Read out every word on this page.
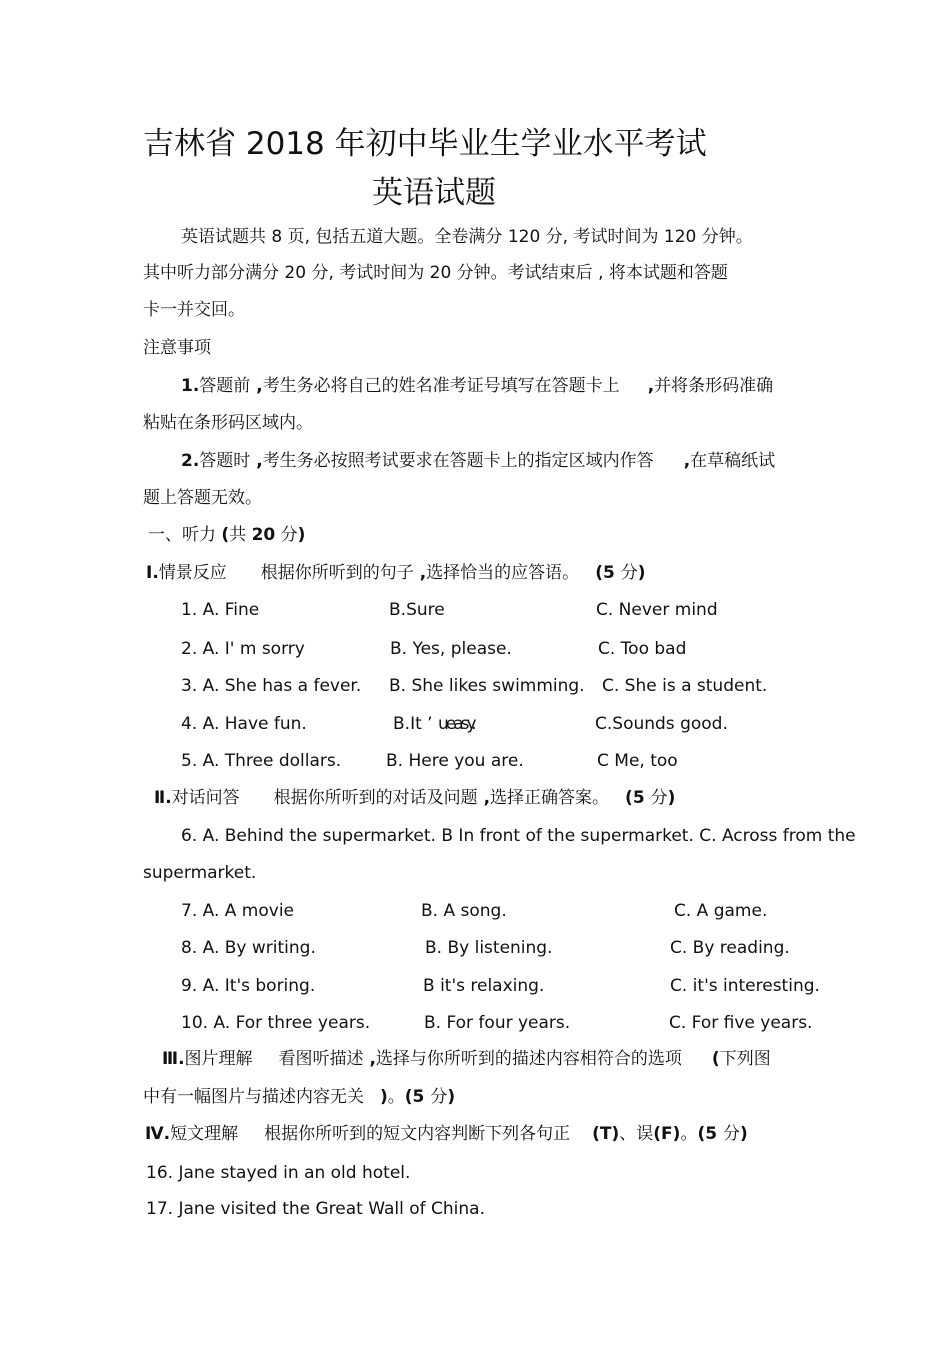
吉林省 2018 年初中毕业生学业水平考试
英语试题
英语试题共 8 页, 包括五道大题。全卷满分 120 分, 考试时间为 120 分钟。
其中听力部分满分 20 分, 考试时间为 20 分钟。考试结束后 , 将本试题和答题
卡一并交回。
注意事项
1.答题前 ,考生务必将自己的姓名准考证号填写在答题卡上 ,并将条形码准确
粘贴在条形码区域内。
2.答题时 ,考生务必按照考试要求在答题卡上的指定区域内作答 ,在草稿纸试
题上答题无效。
一、听力 (共 20 分)
Ⅰ.情景反应 根据你所听到的句子 ,选择恰当的应答语。 (5 分)
1. A. Fine	B.Sure	C. Never mind
2. A. I' m sorry	B. Yes, please.	C. Too bad
3. A. She has a fever. B. She likes swimming. C. She is a student.
4. A. Have fun.	B.It ’ ueasy.	C.Sounds good.
5. A. Three dollars.	B. Here you are.	C Me, too
Ⅱ.对话问答 根据你所听到的对话及问题 ,选择正确答案。 (5 分)
6. A. Behind the supermarket. B In front of the supermarket. C. Across from the
supermarket.
7. A. A movie	B. A song.	C. A game.
8. A. By writing.	B. By listening.	C. By reading.
9. A. It's boring.	B it's relaxing.	C. it's interesting.
10. A. For three years.	B. For four years.	C. For five years.
Ⅲ.图片理解 看图听描述 ,选择与你所听到的描述内容相符合的选项 (下列图
中有一幅图片与描述内容无关 )。(5 分)
Ⅳ.短文理解 根据你所听到的短文内容判断下列各句正 (T)、误(F)。(5 分)
16. Jane stayed in an old hotel.
17. Jane visited the Great Wall of China.
